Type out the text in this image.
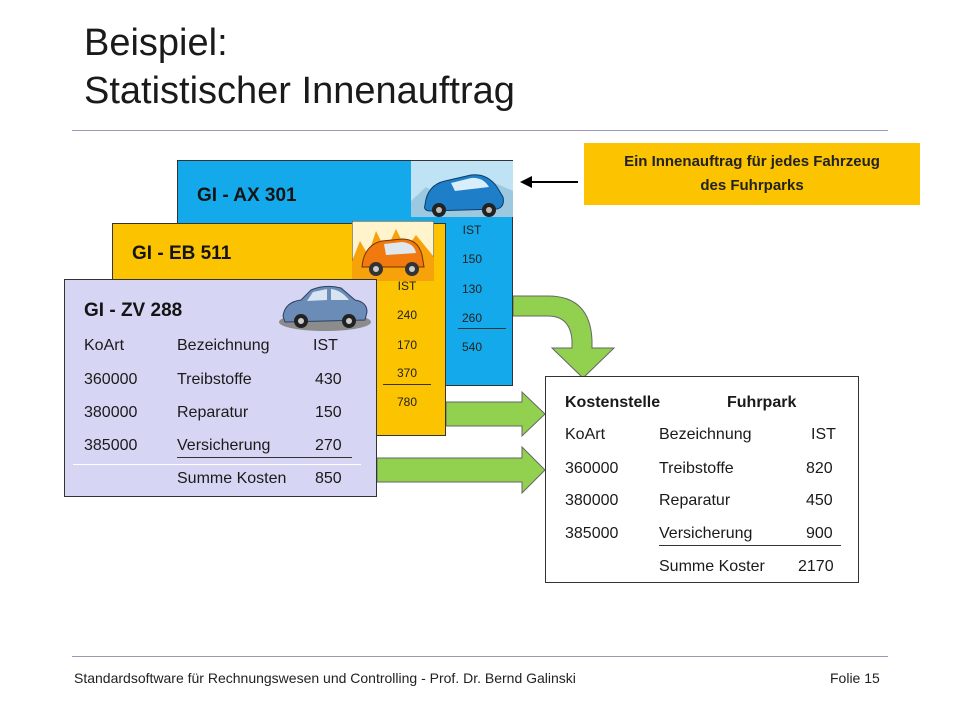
Beispiel:
Statistischer Innenauftrag
GI - AX 301
IST
150
130
260
540
GI - EB 511
IST
240
170
370
780
GI - ZV 288
KoArt	Bezeichnung	IST
360000 Treibstoffe	430
380000 Reparatur	150
385000 Versicherung	270
Summe Kosten 850
Ein Innenauftrag für jedes Fahrzeug
des Fuhrparks
Kostenstelle	Fuhrpark
KoArt	Bezeichnung	IST
360000	Treibstoffe	820
380000	Reparatur	450
385000	Versicherung	900
Summe Koster 2170
Standardsoftware für Rechnungswesen und Controlling - Prof. Dr. Bernd Galinski	Folie 15
